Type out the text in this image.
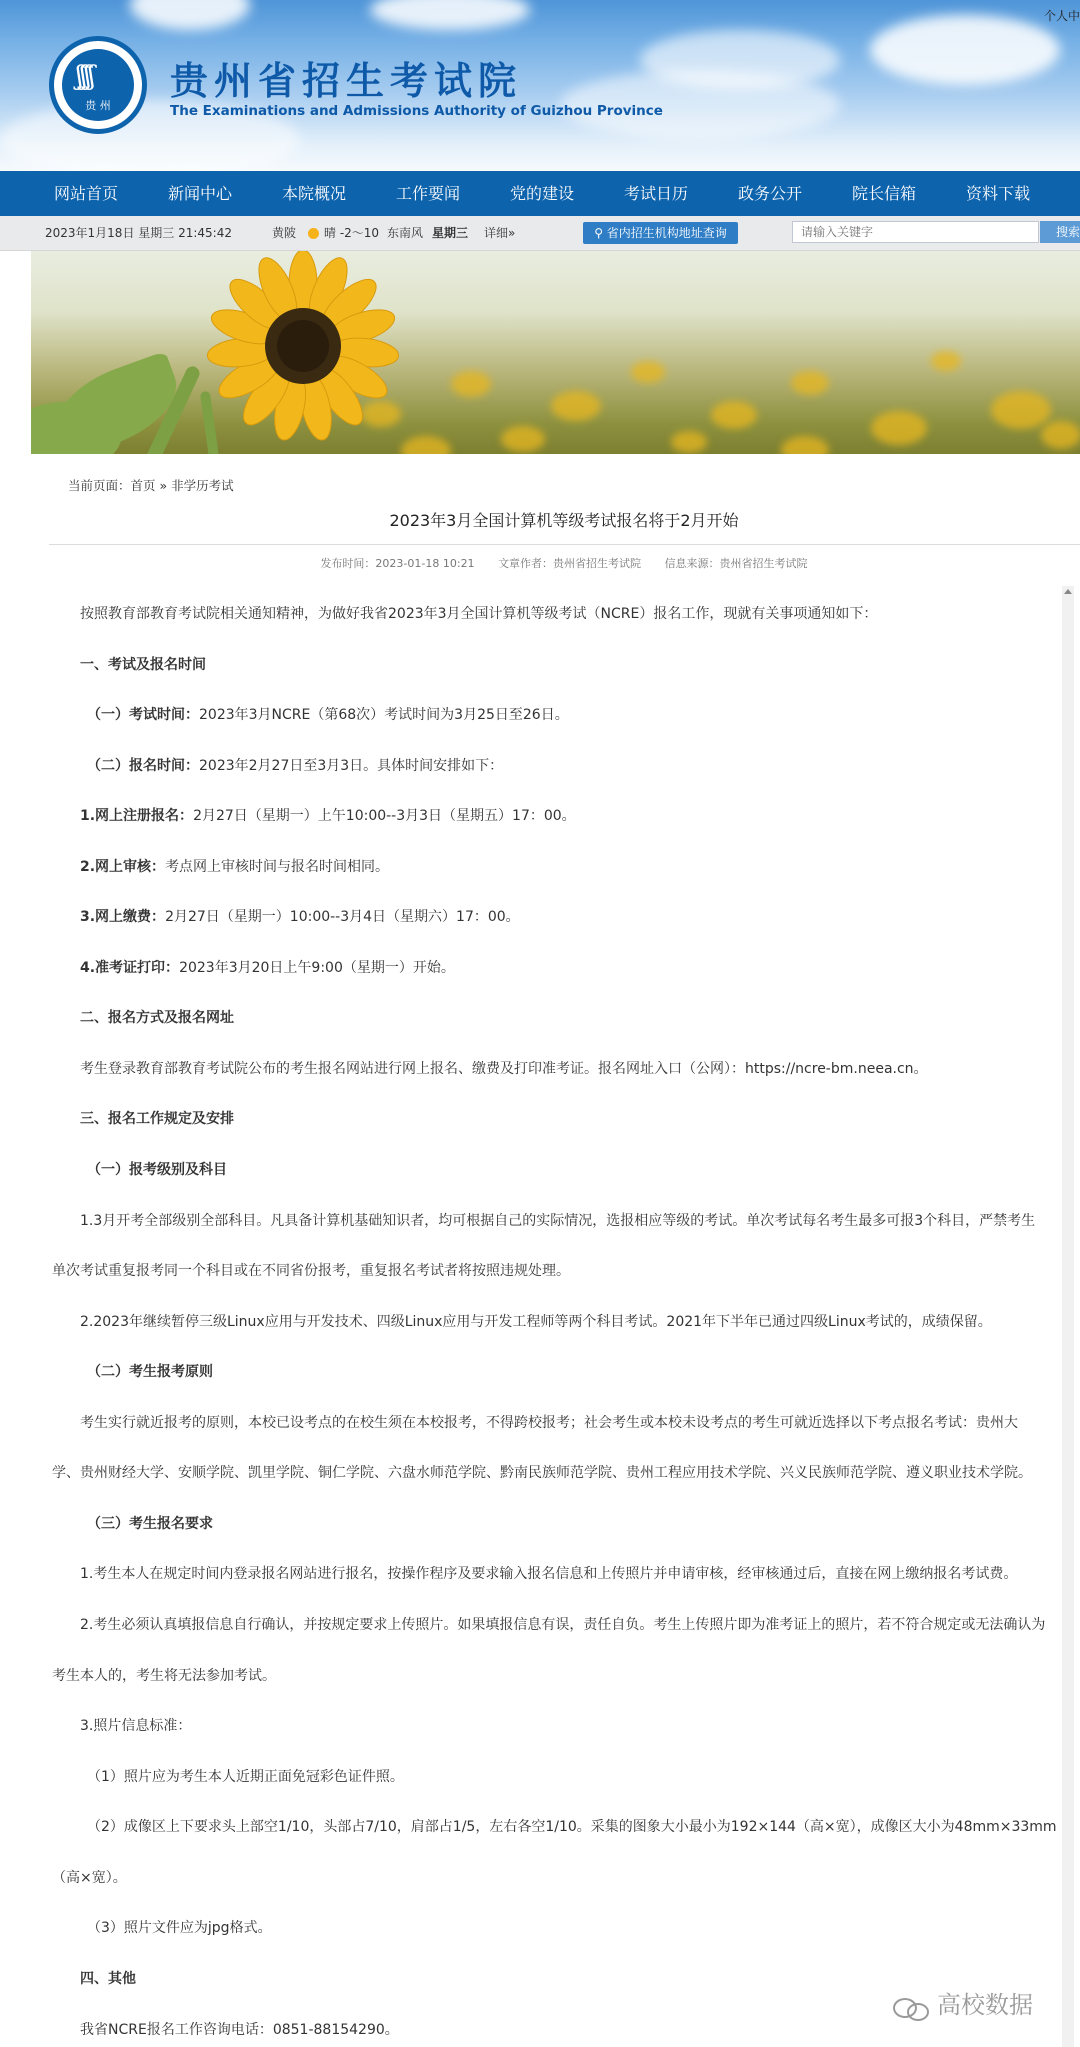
个人中
ʃʃʃʃ
贵 州
贵州省招生考试院
The Examinations and Admissions Authority of Guizhou Province
网站首页	新闻中心	本院概况	工作要闻	党的建设	考试日历	政务公开	院长信箱	资料下载
2023年1月18日 星期三 21:45:42	黄陂 晴 -2～10 东南风 星期三 详细»	⚲ 省内招生机构地址查询
请输入关键字	搜索
当前页面：首页 » 非学历考试
2023年3月全国计算机等级考试报名将于2月开始
发布时间：2023-01-18 10:21 文章作者：贵州省招生考试院 信息来源：贵州省招生考试院
按照教育部教育考试院相关通知精神，为做好我省2023年3月全国计算机等级考试（NCRE）报名工作，现就有关事项通知如下：
一、考试及报名时间
（一）考试时间：2023年3月NCRE（第68次）考试时间为3月25日至26日。
（二）报名时间：2023年2月27日至3月3日。具体时间安排如下：
1.网上注册报名：2月27日（星期一）上午10:00--3月3日（星期五）17：00。
2.网上审核：考点网上审核时间与报名时间相同。
3.网上缴费：2月27日（星期一）10:00--3月4日（星期六）17：00。
4.准考证打印：2023年3月20日上午9:00（星期一）开始。
二、报名方式及报名网址
考生登录教育部教育考试院公布的考生报名网站进行网上报名、缴费及打印准考证。报名网址入口（公网）：https://ncre-bm.neea.cn。
三、报名工作规定及安排
（一）报考级别及科目
1.3月开考全部级别全部科目。凡具备计算机基础知识者，均可根据自己的实际情况，选报相应等级的考试。单次考试每名考生最多可报3个科目，严禁考生
单次考试重复报考同一个科目或在不同省份报考，重复报名考试者将按照违规处理。
2.2023年继续暂停三级Linux应用与开发技术、四级Linux应用与开发工程师等两个科目考试。2021年下半年已通过四级Linux考试的，成绩保留。
（二）考生报考原则
考生实行就近报考的原则，本校已设考点的在校生须在本校报考，不得跨校报考；社会考生或本校未设考点的考生可就近选择以下考点报名考试：贵州大
学、贵州财经大学、安顺学院、凯里学院、铜仁学院、六盘水师范学院、黔南民族师范学院、贵州工程应用技术学院、兴义民族师范学院、遵义职业技术学院。
（三）考生报名要求
1.考生本人在规定时间内登录报名网站进行报名，按操作程序及要求输入报名信息和上传照片并申请审核，经审核通过后，直接在网上缴纳报名考试费。
2.考生必须认真填报信息自行确认，并按规定要求上传照片。如果填报信息有误，责任自负。考生上传照片即为准考证上的照片，若不符合规定或无法确认为
考生本人的，考生将无法参加考试。
3.照片信息标准：
（1）照片应为考生本人近期正面免冠彩色证件照。
（2）成像区上下要求头上部空1/10，头部占7/10，肩部占1/5，左右各空1/10。采集的图象大小最小为192×144（高×宽），成像区大小为48mm×33mm
（高×宽）。
（3）照片文件应为jpg格式。
四、其他
我省NCRE报名工作咨询电话：0851-88154290。
高校数据
